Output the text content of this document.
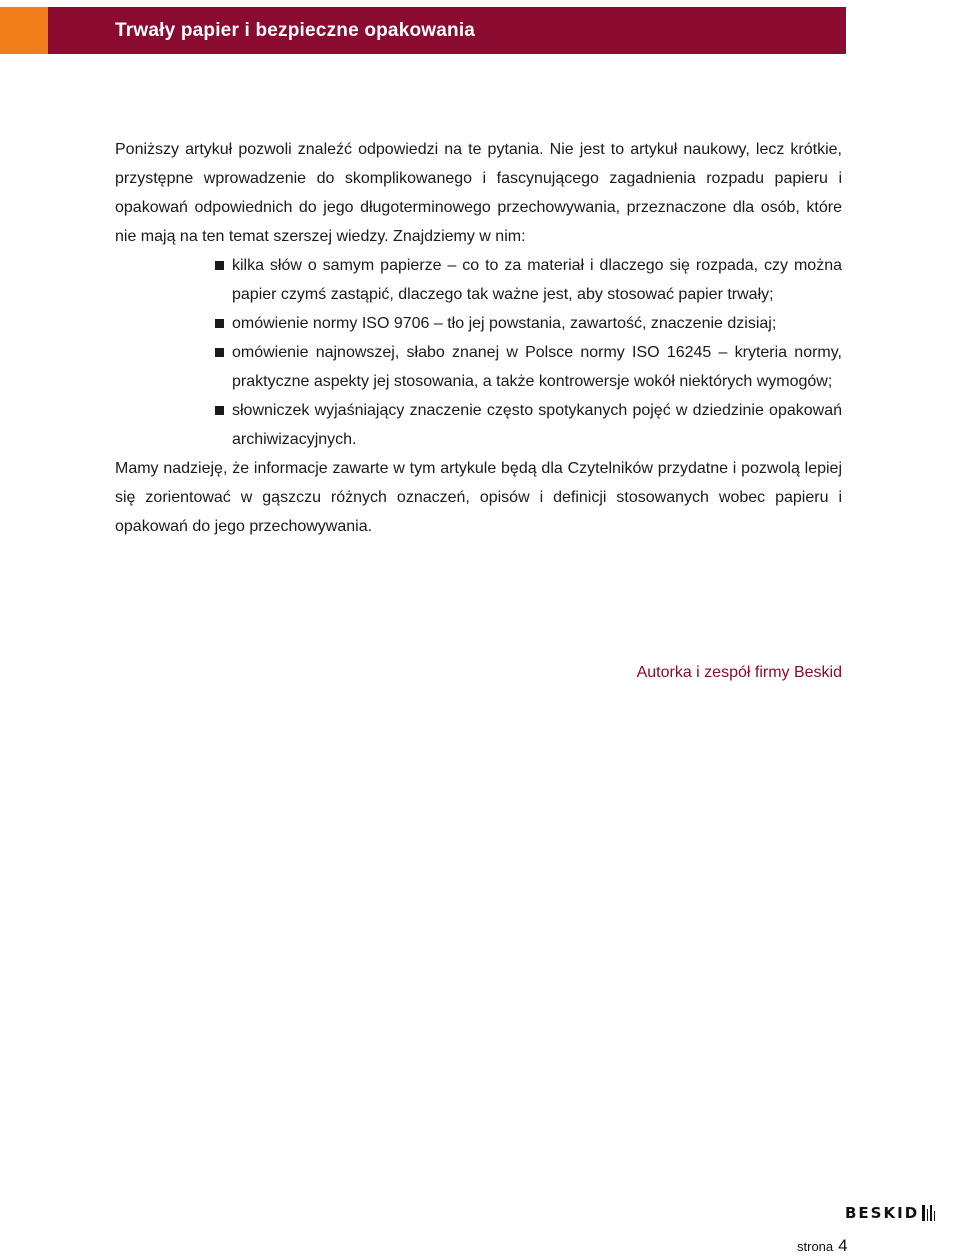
Trwały papier i bezpieczne opakowania

Poniższy artykuł pozwoli znaleźć odpowiedzi na te pytania. Nie jest to artykuł naukowy, lecz krótkie, przystępne wprowadzenie do skomplikowanego i fascynującego zagadnienia rozpadu papieru i opakowań odpowiednich do jego długoterminowego przechowywania, przeznaczone dla osób, które nie mają na ten temat szerszej wiedzy. Znajdziemy w nim:

kilka słów o samym papierze – co to za materiał i dlaczego się rozpada, czy można papier czymś zastąpić, dlaczego tak ważne jest, aby stosować papier trwały;
omówienie normy ISO 9706 – tło jej powstania, zawartość, znaczenie dzisiaj;
omówienie najnowszej, słabo znanej w Polsce normy ISO 16245 – kryteria normy, praktyczne aspekty jej stosowania, a także kontrowersje wokół niektórych wymogów;
słowniczek wyjaśniający znaczenie często spotykanych pojęć w dziedzinie opakowań archiwizacyjnych.

Mamy nadzieję, że informacje zawarte w tym artykule będą dla Czytelników przydatne i pozwolą lepiej się zorientować w gąszczu różnych oznaczeń, opisów i definicji stosowanych wobec papieru i opakowań do jego przechowywania.

Autorka i zespół firmy Beskid
BESKID
strona 4
